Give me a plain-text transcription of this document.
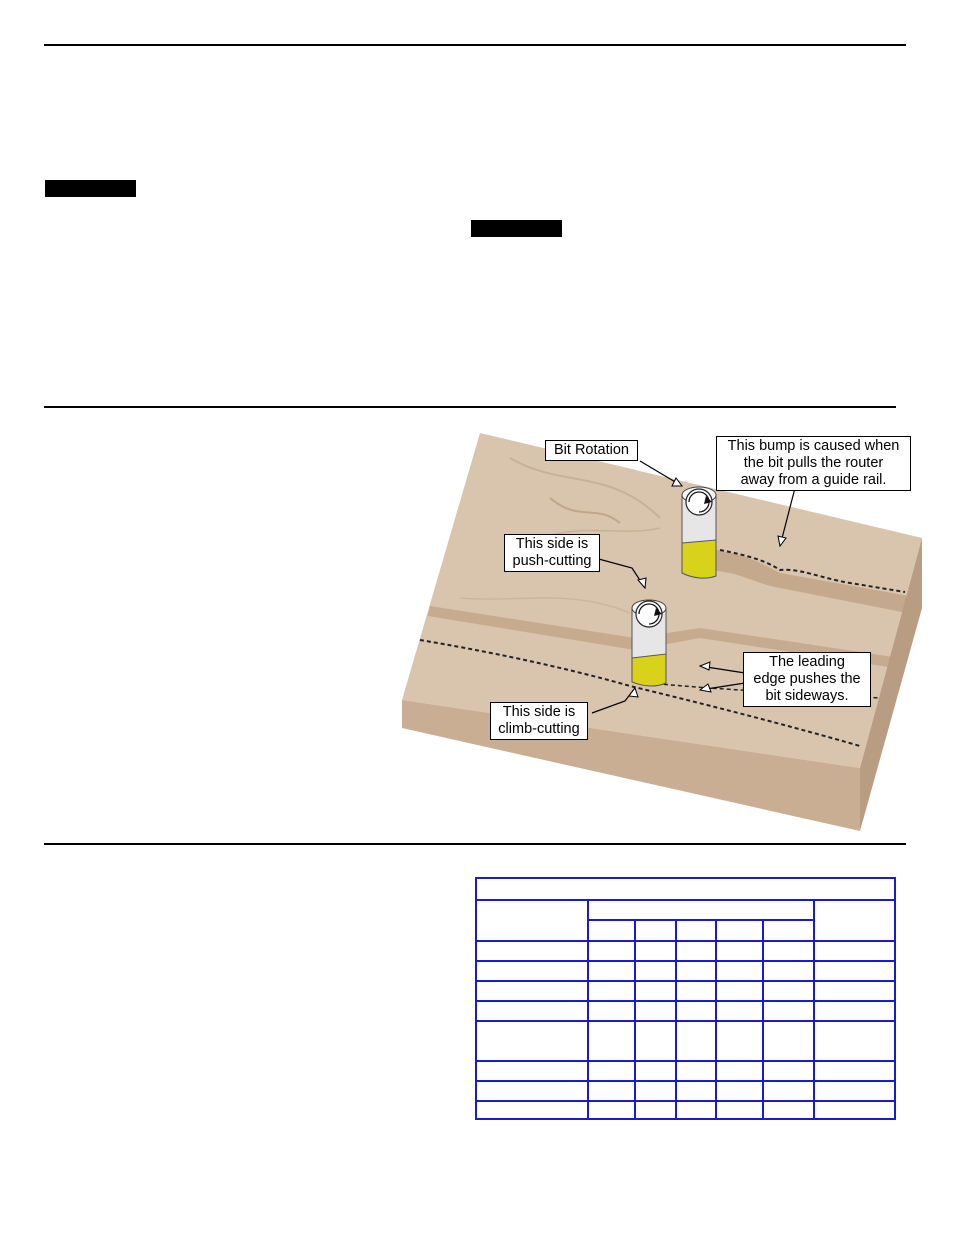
Bit Rotation	This bump is caused when
the bit pulls the router
away from a guide rail.
This side is
push-cutting
The leading
edge pushes the
bit sideways.
This side is
climb-cutting
